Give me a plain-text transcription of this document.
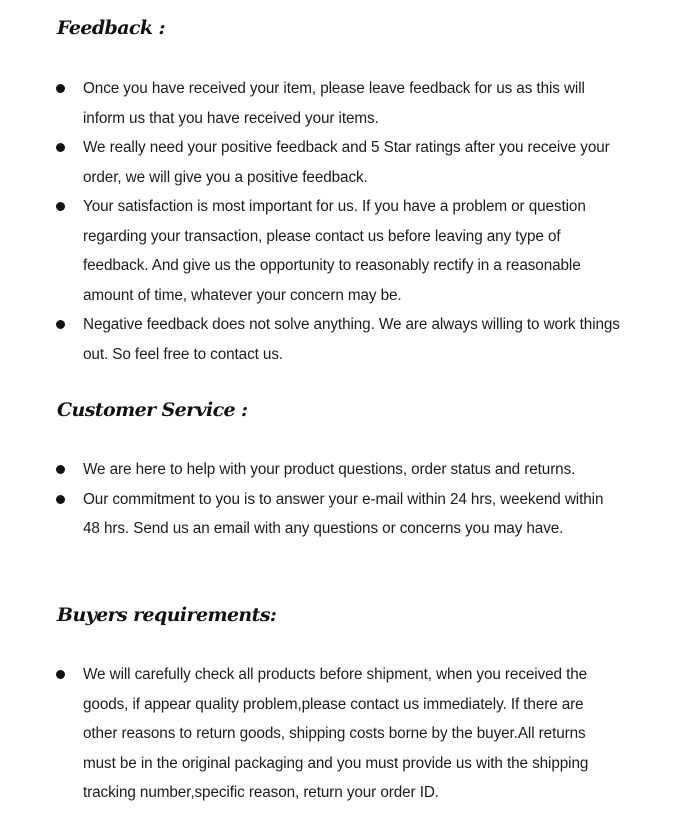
Feedback :
Once you have received your item, please leave feedback for us as this will inform us that you have received your items.
We really need your positive feedback and 5 Star ratings after you receive your order, we will give you a positive feedback.
Your satisfaction is most important for us. If you have a problem or question regarding your transaction, please contact us before leaving any type of feedback. And give us the opportunity to reasonably rectify in a reasonable amount of time, whatever your concern may be.
Negative feedback does not solve anything. We are always willing to work things out. So feel free to contact us.
Customer Service :
We are here to help with your product questions, order status and returns.
Our commitment to you is to answer your e-mail within 24 hrs, weekend within 48 hrs. Send us an email with any questions or concerns you may have.
Buyers requirements:
We will carefully check all products before shipment, when you received the goods, if appear quality problem,please contact us immediately. If there are other reasons to return goods, shipping costs borne by the buyer.All returns must be in the original packaging and you must provide us with the shipping tracking number,specific reason, return your order ID.
